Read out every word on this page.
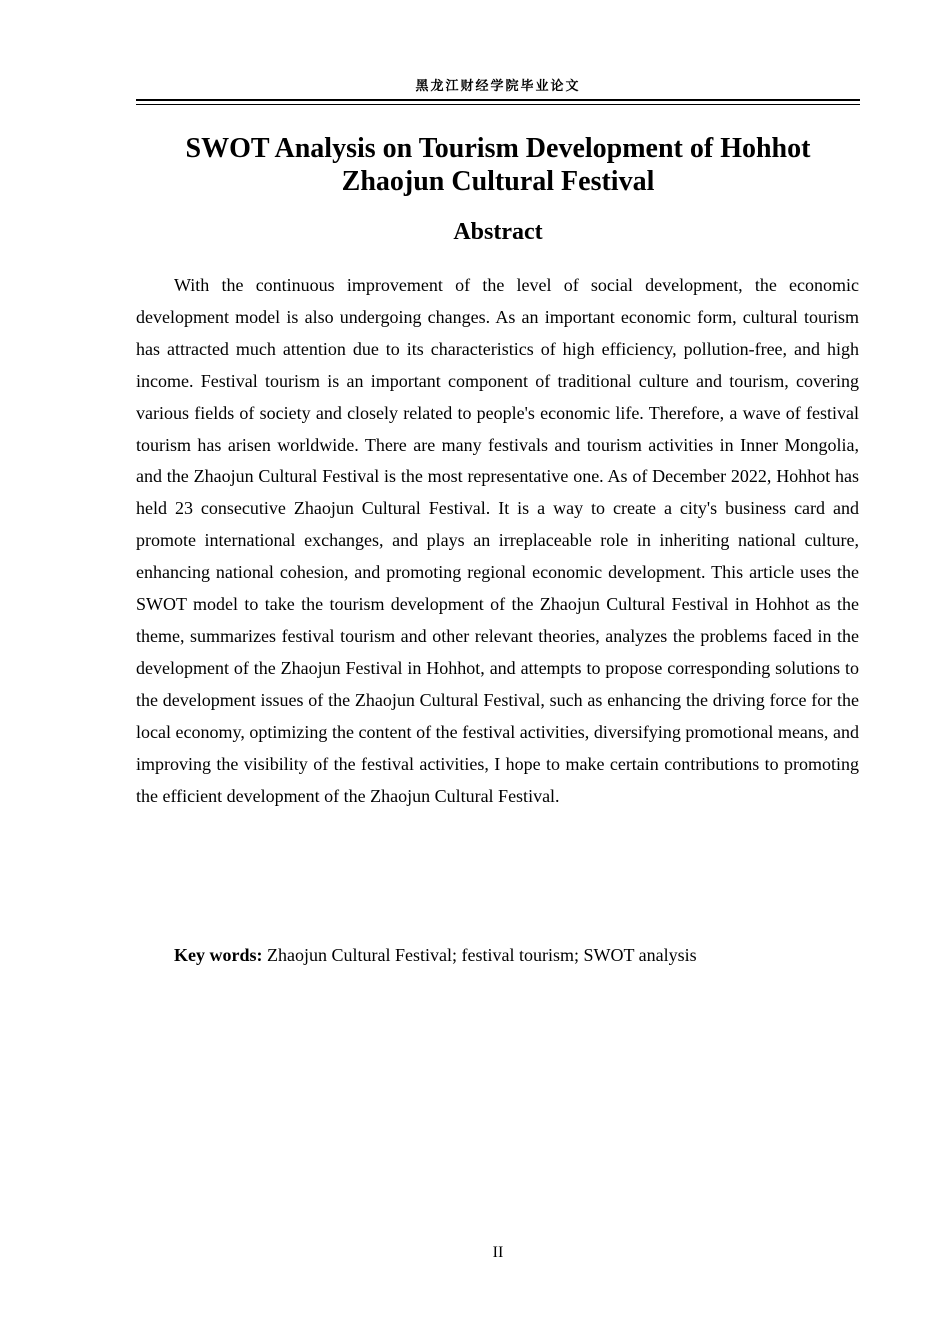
黑龙江财经学院毕业论文
SWOT Analysis on Tourism Development of Hohhot Zhaojun Cultural Festival
Abstract

With the continuous improvement of the level of social development, the economic development model is also undergoing changes. As an important economic form, cultural tourism has attracted much attention due to its characteristics of high efficiency, pollution-free, and high income. Festival tourism is an important component of traditional culture and tourism, covering various fields of society and closely related to people's economic life. Therefore, a wave of festival tourism has arisen worldwide. There are many festivals and tourism activities in Inner Mongolia, and the Zhaojun Cultural Festival is the most representative one. As of December 2022, Hohhot has held 23 consecutive Zhaojun Cultural Festival. It is a way to create a city's business card and promote international exchanges, and plays an irreplaceable role in inheriting national culture, enhancing national cohesion, and promoting regional economic development. This article uses the SWOT model to take the tourism development of the Zhaojun Cultural Festival in Hohhot as the theme, summarizes festival tourism and other relevant theories, analyzes the problems faced in the development of the Zhaojun Festival in Hohhot, and attempts to propose corresponding solutions to the development issues of the Zhaojun Cultural Festival, such as enhancing the driving force for the local economy, optimizing the content of the festival activities, diversifying promotional means, and improving the visibility of the festival activities, I hope to make certain contributions to promoting the efficient development of the Zhaojun Cultural Festival.

Key words: Zhaojun Cultural Festival; festival tourism; SWOT analysis

II
